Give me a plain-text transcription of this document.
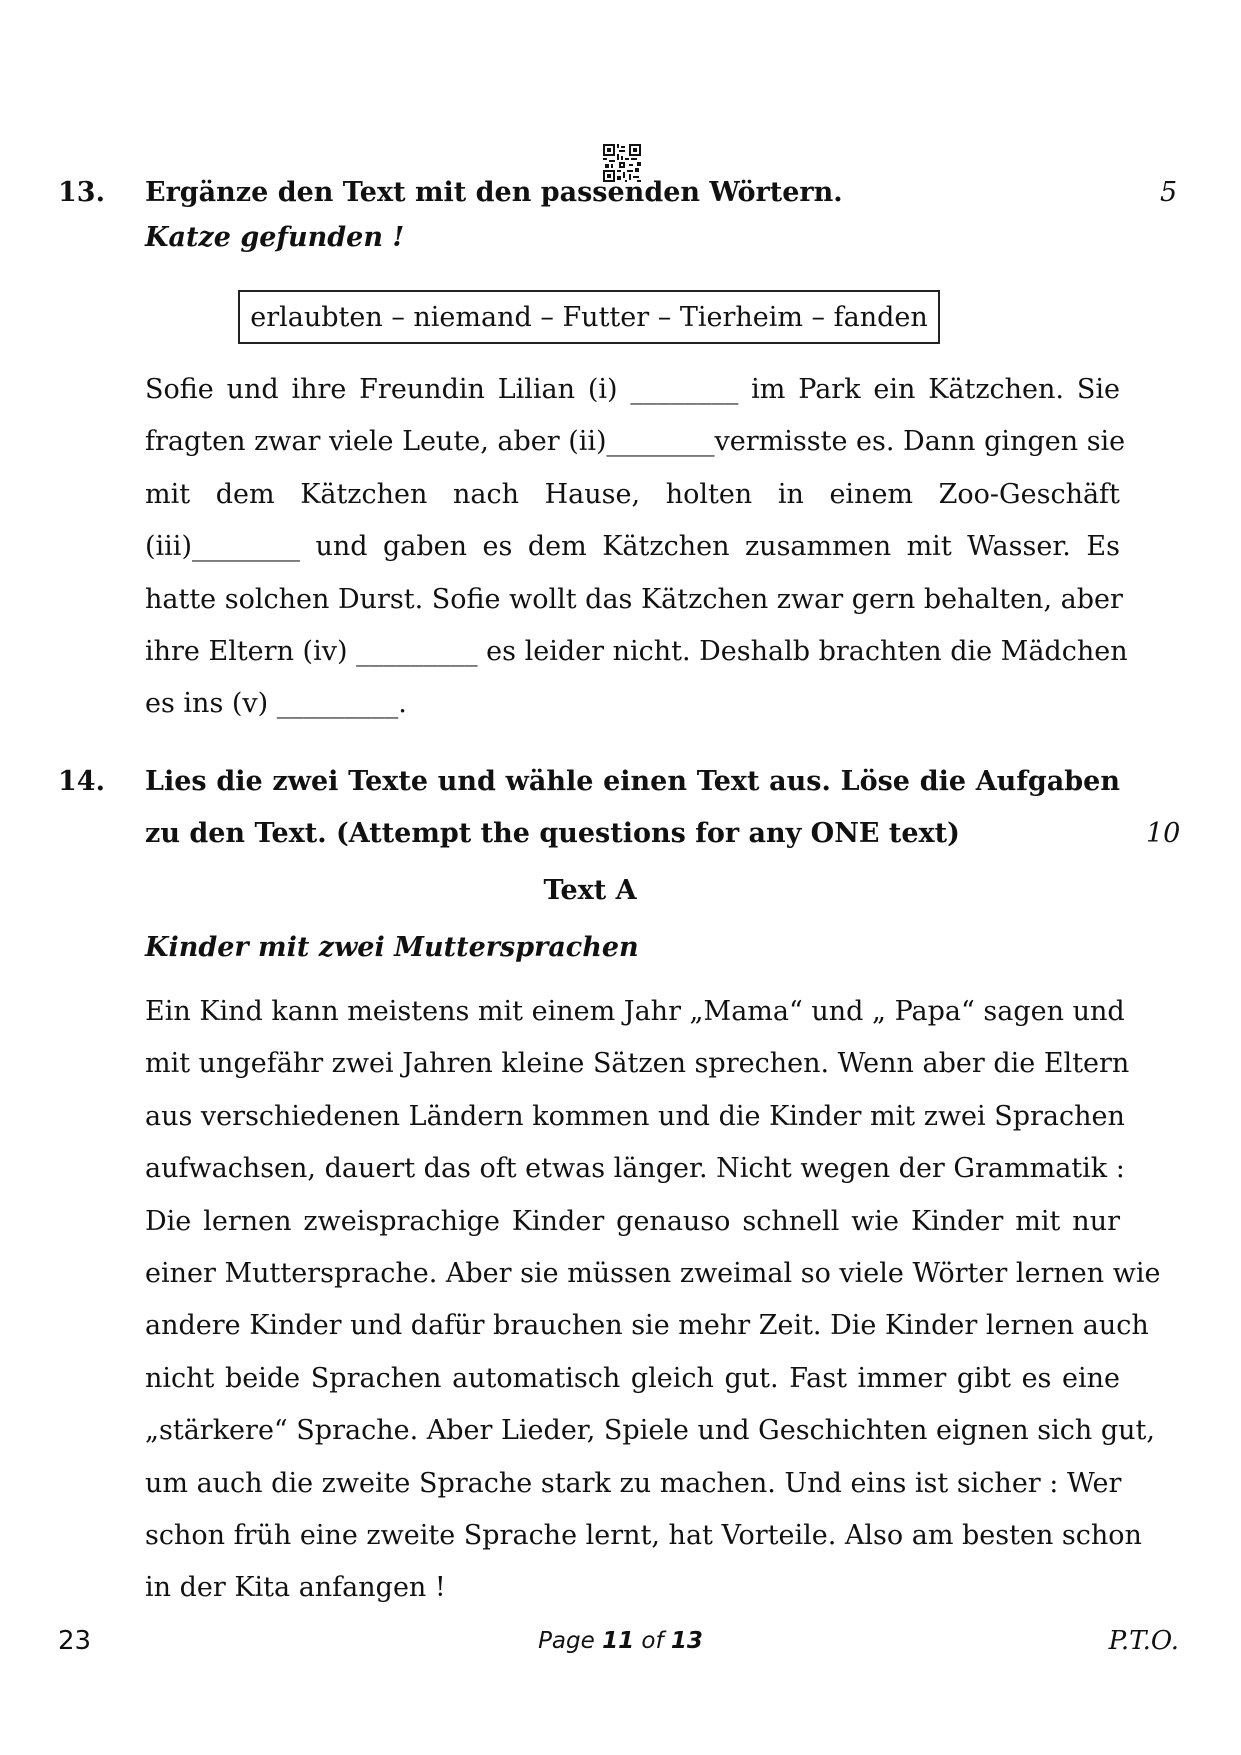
13. Ergänze den Text mit den passenden Wörtern.	5
Katze gefunden !
erlaubten – niemand – Futter – Tierheim – fanden
Sofie und ihre Freundin Lilian (i) ________ im Park ein Kätzchen. Sie
fragten zwar viele Leute, aber (ii) ________ vermisste es. Dann gingen sie
mit dem Kätzchen nach Hause, holten in einem Zoo-Geschäft
(iii)________ und gaben es dem Kätzchen zusammen mit Wasser. Es
hatte solchen Durst. Sofie wollt das Kätzchen zwar gern behalten, aber
ihre Eltern (iv) _________ es leider nicht. Deshalb brachten die Mädchen
es ins (v) _________.
14. Lies die zwei Texte und wähle einen Text aus. Löse die Aufgaben
zu den Text. (Attempt the questions for any ONE text)	10
Text A
Kinder mit zwei Muttersprachen
Ein Kind kann meistens mit einem Jahr „Mama“ und „ Papa“ sagen und
mit ungefähr zwei Jahren kleine Sätzen sprechen. Wenn aber die Eltern
aus verschiedenen Ländern kommen und die Kinder mit zwei Sprachen
aufwachsen, dauert das oft etwas länger. Nicht wegen der Grammatik :
Die lernen zweisprachige Kinder genauso schnell wie Kinder mit nur
einer Muttersprache. Aber sie müssen zweimal so viele Wörter lernen wie
andere Kinder und dafür brauchen sie mehr Zeit. Die Kinder lernen auch
nicht beide Sprachen automatisch gleich gut. Fast immer gibt es eine
„stärkere“ Sprache. Aber Lieder, Spiele und Geschichten eignen sich gut,
um auch die zweite Sprache stark zu machen. Und eins ist sicher : Wer
schon früh eine zweite Sprache lernt, hat Vorteile. Also am besten schon
in der Kita anfangen !
23	Page 11 of 13	P.T.O.
